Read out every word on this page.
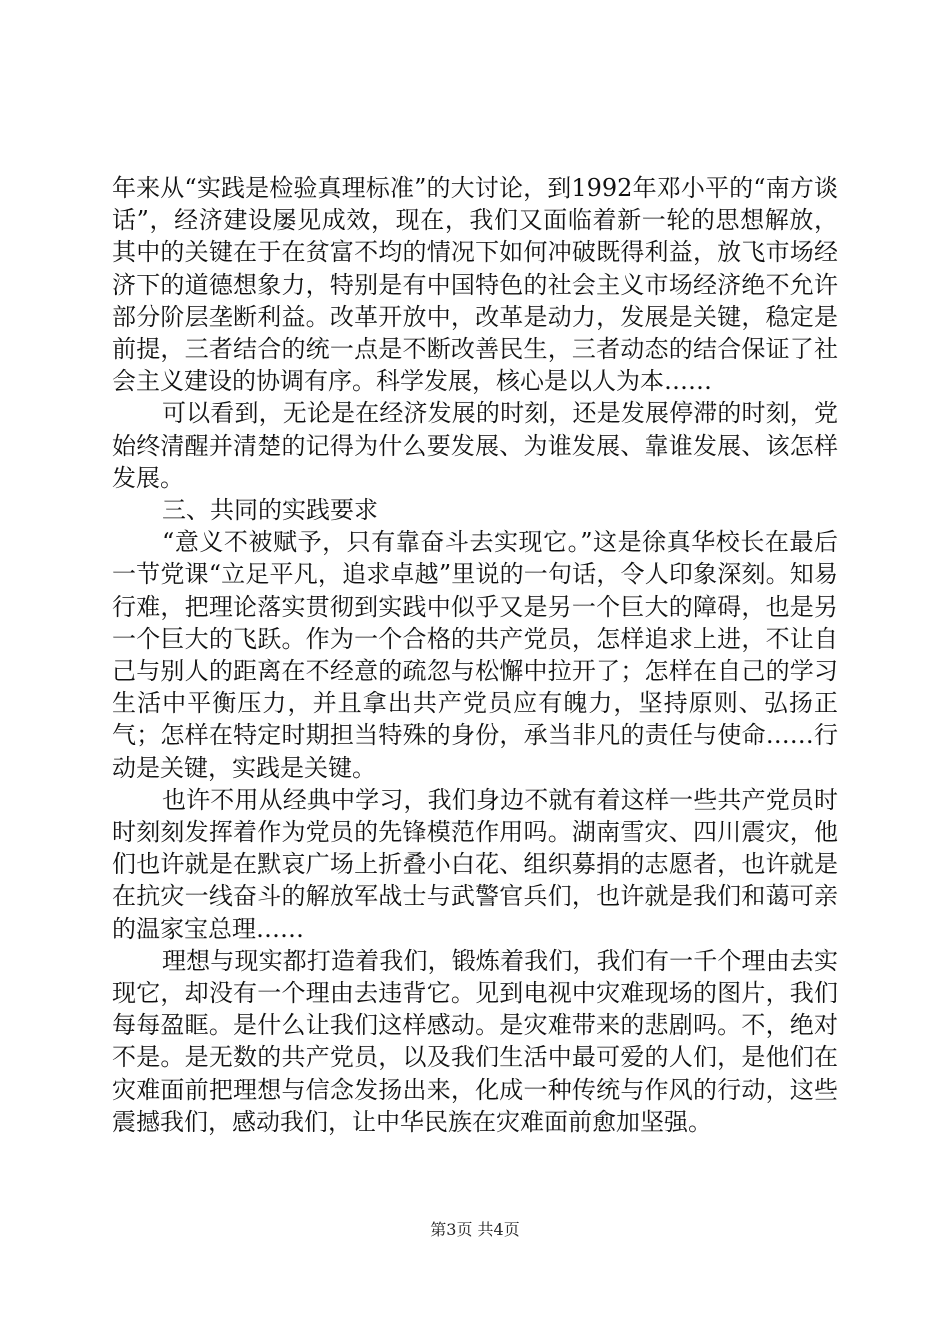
年来从“实践是检验真理标准”的大讨论，到1992年邓小平的“南方谈话”，经济建设屡见成效，现在，我们又面临着新一轮的思想解放，其中的关键在于在贫富不均的情况下如何冲破既得利益，放飞市场经济下的道德想象力，特别是有中国特色的社会主义市场经济绝不允许部分阶层垄断利益。改革开放中，改革是动力，发展是关键，稳定是前提，三者结合的统一点是不断改善民生，三者动态的结合保证了社会主义建设的协调有序。科学发展，核心是以人为本……

可以看到，无论是在经济发展的时刻，还是发展停滞的时刻，党始终清醒并清楚的记得为什么要发展、为谁发展、靠谁发展、该怎样发展。

三、共同的实践要求

“意义不被赋予，只有靠奋斗去实现它。”这是徐真华校长在最后一节党课“立足平凡，追求卓越”里说的一句话，令人印象深刻。知易行难，把理论落实贯彻到实践中似乎又是另一个巨大的障碍，也是另一个巨大的飞跃。作为一个合格的共产党员，怎样追求上进，不让自己与别人的距离在不经意的疏忽与松懈中拉开了；怎样在自己的学习生活中平衡压力，并且拿出共产党员应有魄力，坚持原则、弘扬正气；怎样在特定时期担当特殊的身份，承当非凡的责任与使命……行动是关键，实践是关键。

也许不用从经典中学习，我们身边不就有着这样一些共产党员时时刻刻发挥着作为党员的先锋模范作用吗。湖南雪灾、四川震灾，他们也许就是在默哀广场上折叠小白花、组织募捐的志愿者，也许就是在抗灾一线奋斗的解放军战士与武警官兵们，也许就是我们和蔼可亲的温家宝总理……

理想与现实都打造着我们，锻炼着我们，我们有一千个理由去实现它，却没有一个理由去违背它。见到电视中灾难现场的图片，我们每每盈眶。是什么让我们这样感动。是灾难带来的悲剧吗。不，绝对不是。是无数的共产党员，以及我们生活中最可爱的人们，是他们在灾难面前把理想与信念发扬出来，化成一种传统与作风的行动，这些震撼我们，感动我们，让中华民族在灾难面前愈加坚强。

第3页 共4页
